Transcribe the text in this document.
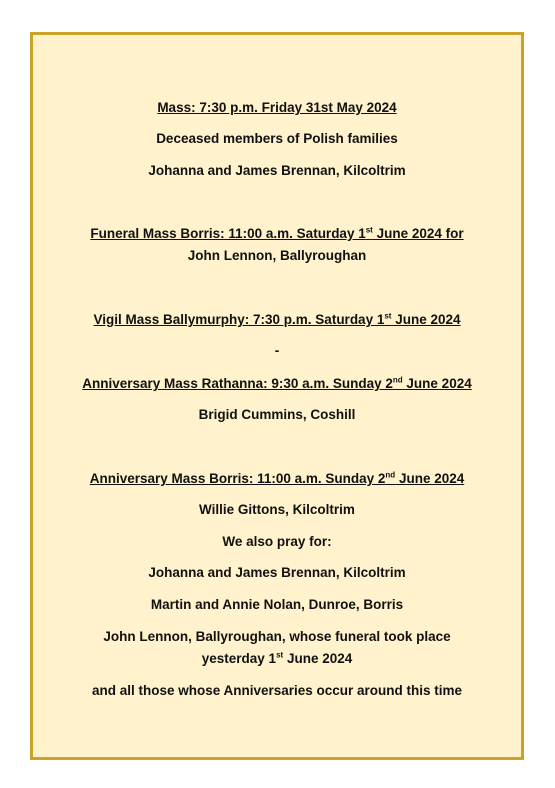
Mass: 7:30 p.m. Friday 31st May 2024
Deceased members of Polish families
Johanna and James Brennan, Kilcoltrim
Funeral Mass Borris: 11:00 a.m. Saturday 1st June 2024 for
John Lennon, Ballyroughan
Vigil Mass Ballymurphy: 7:30 p.m. Saturday 1st June 2024
-
Anniversary Mass Rathanna: 9:30 a.m. Sunday 2nd June 2024
Brigid Cummins, Coshill
Anniversary Mass Borris: 11:00 a.m. Sunday 2nd June 2024
Willie Gittons, Kilcoltrim
We also pray for:
Johanna and James Brennan, Kilcoltrim
Martin and Annie Nolan, Dunroe, Borris
John Lennon, Ballyroughan, whose funeral took place
yesterday 1st June 2024
and all those whose Anniversaries occur around this time
